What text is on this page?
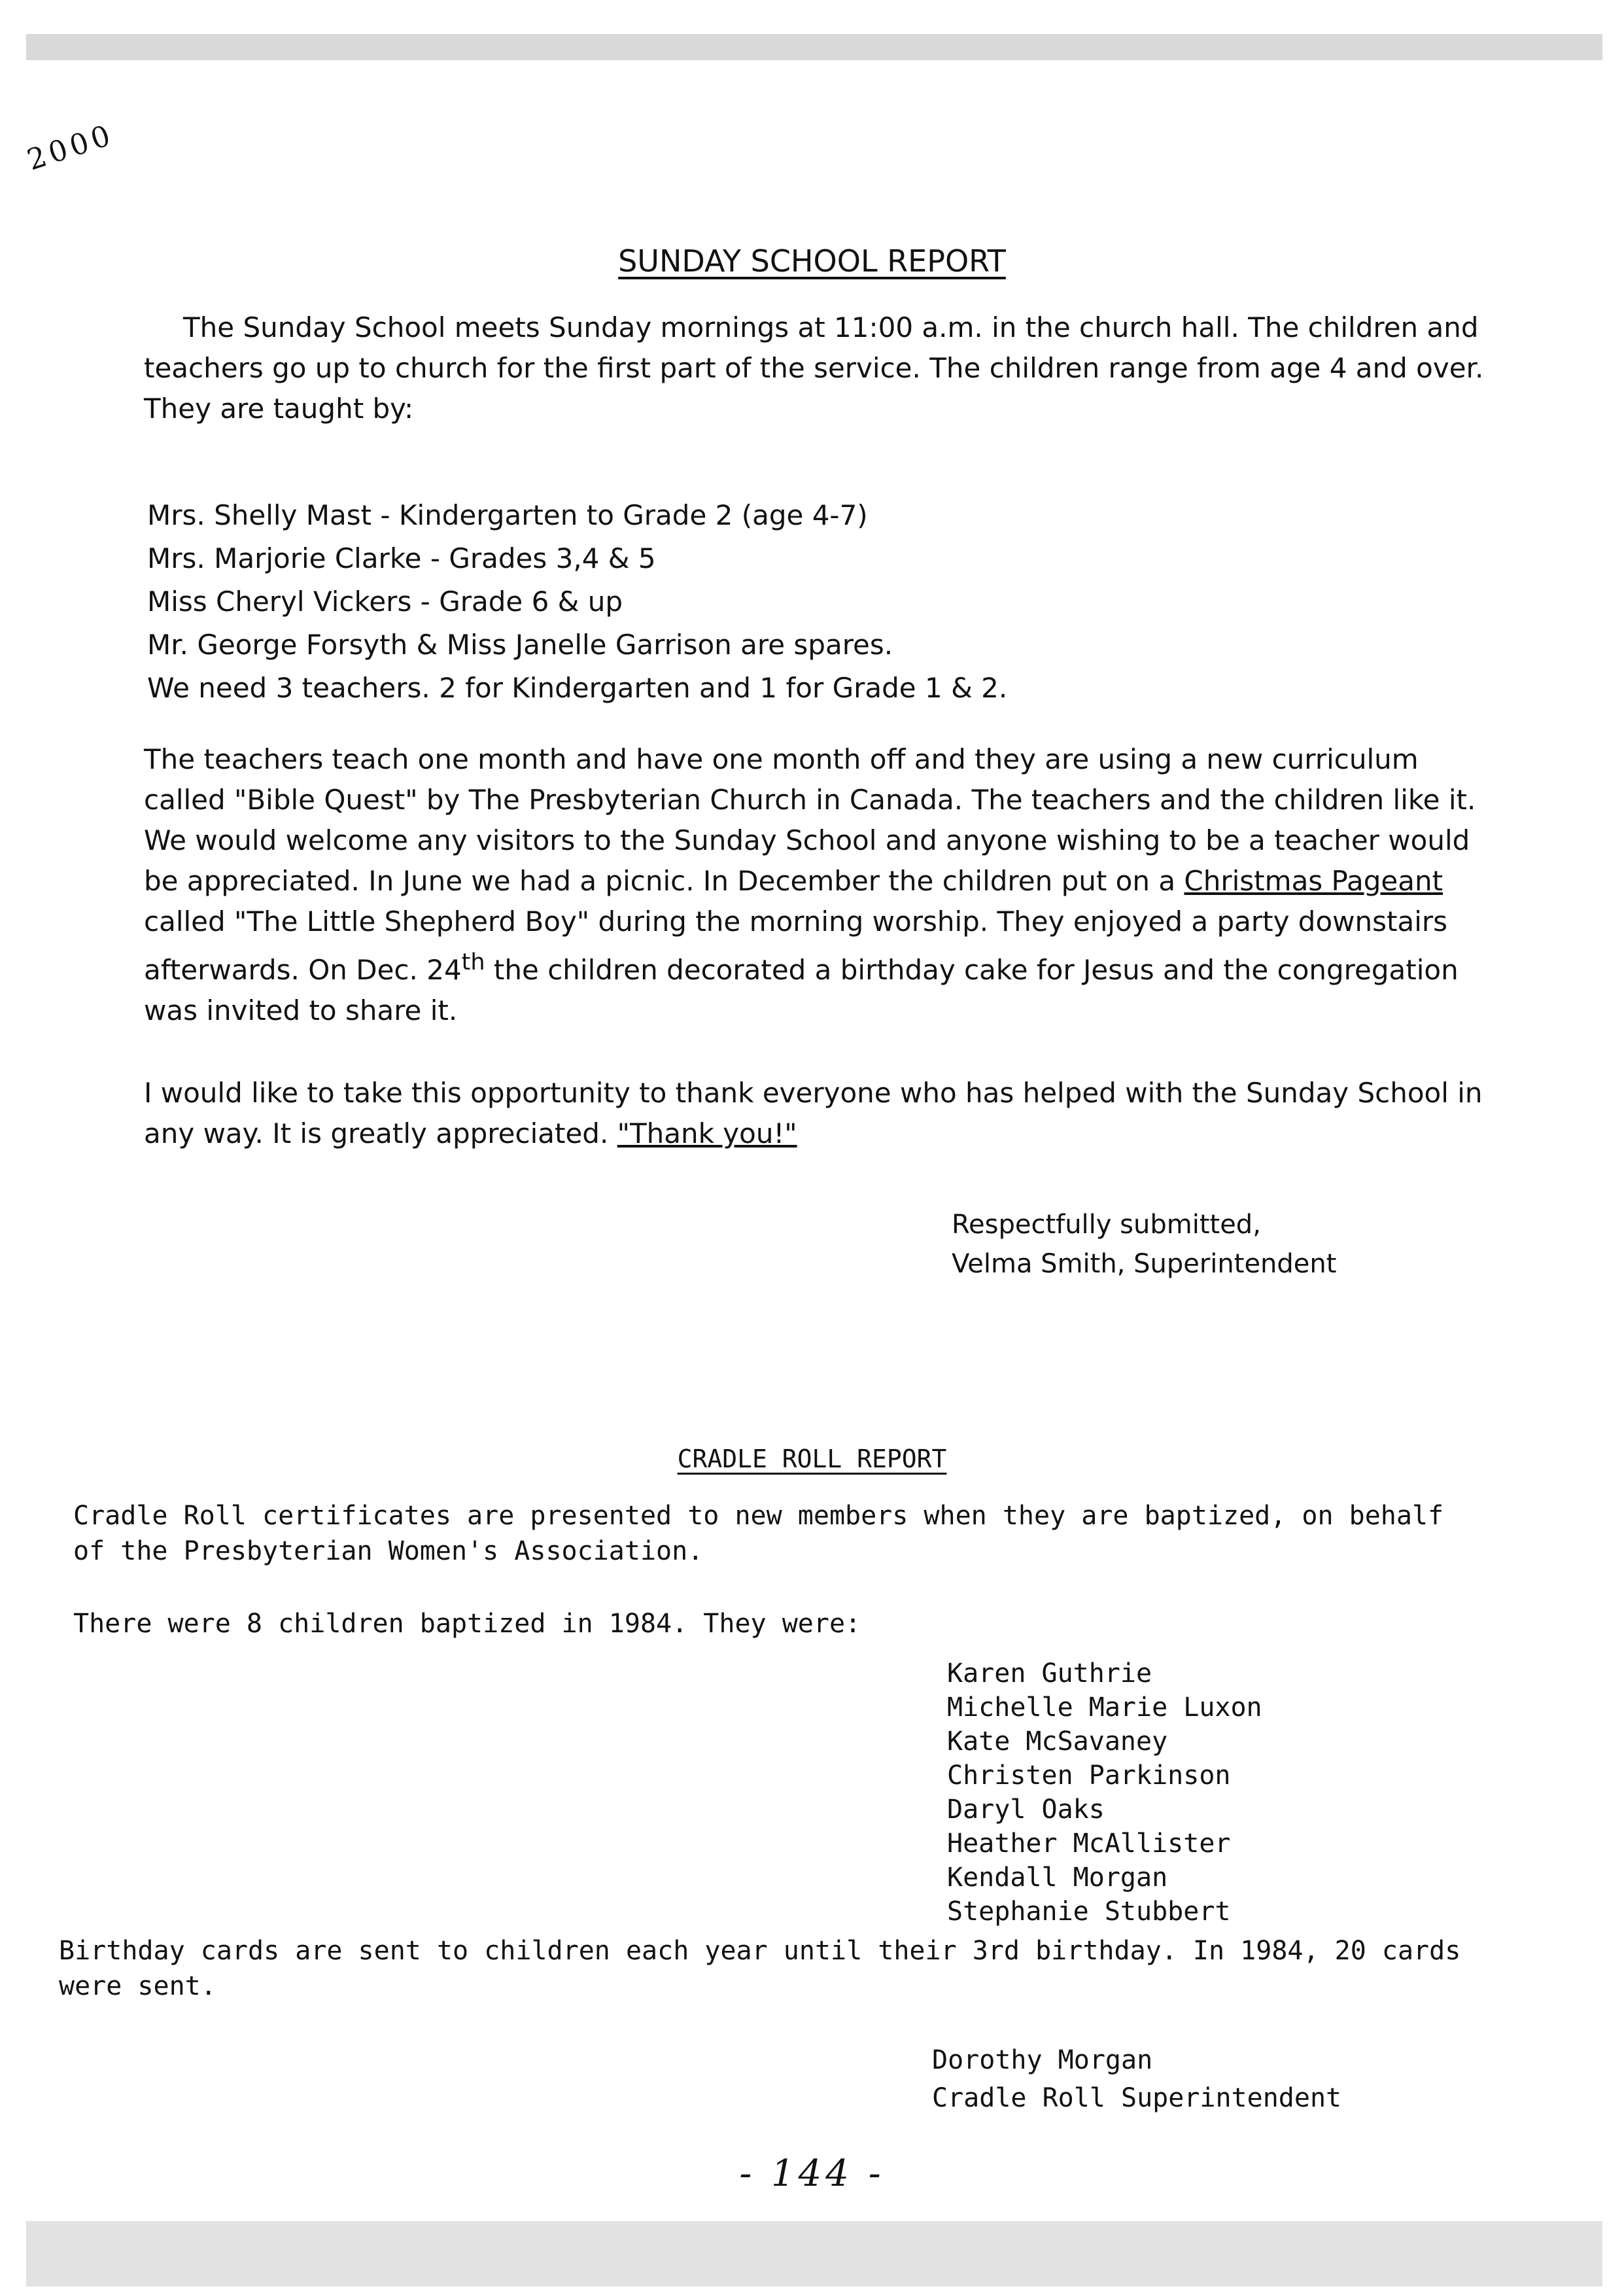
2000
SUNDAY SCHOOL REPORT
The Sunday School meets Sunday mornings at 11:00 a.m. in the church hall. The children and teachers go up to church for the first part of the service. The children range from age 4 and over. They are taught by:
Mrs. Shelly Mast - Kindergarten to Grade 2 (age 4-7)
Mrs. Marjorie Clarke - Grades 3,4 & 5
Miss Cheryl Vickers - Grade 6 & up
Mr. George Forsyth & Miss Janelle Garrison are spares.
We need 3 teachers. 2 for Kindergarten and 1 for Grade 1 & 2.

The teachers teach one month and have one month off and they are using a new curriculum called "Bible Quest" by The Presbyterian Church in Canada. The teachers and the children like it. We would welcome any visitors to the Sunday School and anyone wishing to be a teacher would be appreciated. In June we had a picnic. In December the children put on a Christmas Pageant called "The Little Shepherd Boy" during the morning worship. They enjoyed a party downstairs afterwards. On Dec. 24th the children decorated a birthday cake for Jesus and the congregation was invited to share it.

I would like to take this opportunity to thank everyone who has helped with the Sunday School in any way. It is greatly appreciated. "Thank you!"

Respectfully submitted,
Velma Smith, Superintendent
CRADLE ROLL REPORT

Cradle Roll certificates are presented to new members when they are baptized, on behalf of the Presbyterian Women's Association.

There were 8 children baptized in 1984. They were:

Karen Guthrie
Michelle Marie Luxon
Kate McSavaney
Christen Parkinson
Daryl Oaks
Heather McAllister
Kendall Morgan
Stephanie Stubbert

Birthday cards are sent to children each year until their 3rd birthday. In 1984, 20 cards were sent.

Dorothy Morgan
Cradle Roll Superintendent
- 144 -
